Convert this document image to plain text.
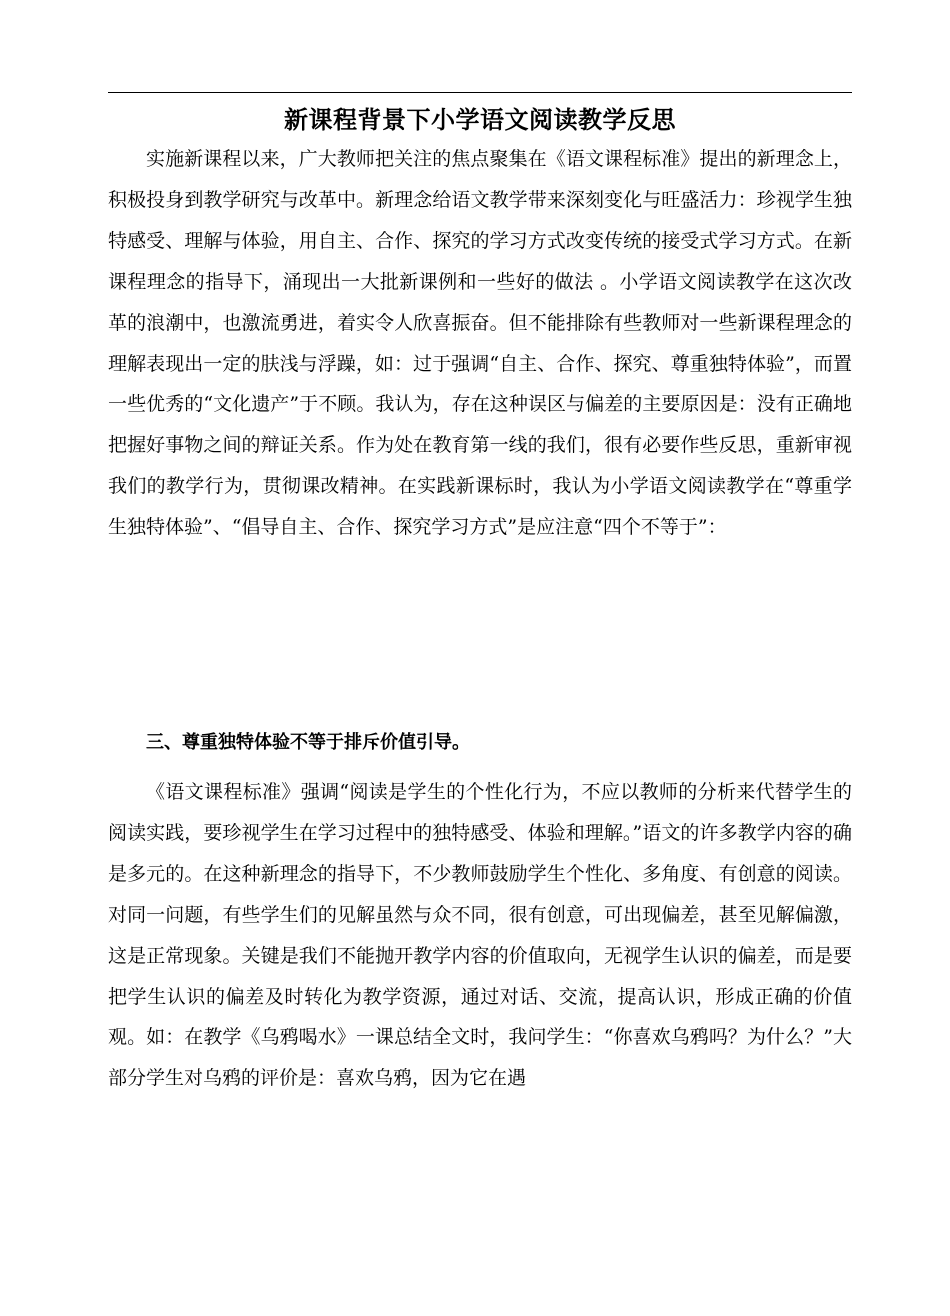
新课程背景下小学语文阅读教学反思

实施新课程以来，广大教师把关注的焦点聚集在《语文课程标准》提出的新理念上，积极投身到教学研究与改革中。新理念给语文教学带来深刻变化与旺盛活力：珍视学生独特感受、理解与体验，用自主、合作、探究的学习方式改变传统的接受式学习方式。在新课程理念的指导下，涌现出一大批新课例和一些好的做法 。小学语文阅读教学在这次改革的浪潮中，也激流勇进，着实令人欣喜振奋。但不能排除有些教师对一些新课程理念的理解表现出一定的肤浅与浮躁，如：过于强调“自主、合作、探究、尊重独特体验”，而置一些优秀的“文化遗产”于不顾。我认为，存在这种误区与偏差的主要原因是：没有正确地把握好事物之间的辩证关系。作为处在教育第一线的我们，很有必要作些反思，重新审视我们的教学行为，贯彻课改精神。在实践新课标时，我认为小学语文阅读教学在“尊重学生独特体验”、“倡导自主、合作、探究学习方式”是应注意“四个不等于”：

三、尊重独特体验不等于排斥价值引导。

《语文课程标准》强调“阅读是学生的个性化行为，不应以教师的分析来代替学生的阅读实践，要珍视学生在学习过程中的独特感受、体验和理解。”语文的许多教学内容的确是多元的。在这种新理念的指导下，不少教师鼓励学生个性化、多角度、有创意的阅读。对同一问题，有些学生们的见解虽然与众不同，很有创意，可出现偏差，甚至见解偏激，这是正常现象。关键是我们不能抛开教学内容的价值取向，无视学生认识的偏差，而是要把学生认识的偏差及时转化为教学资源，通过对话、交流，提高认识，形成正确的价值观。如：在教学《乌鸦喝水》一课总结全文时，我问学生：“你喜欢乌鸦吗？为什么？”大部分学生对乌鸦的评价是：喜欢乌鸦，因为它在遇
